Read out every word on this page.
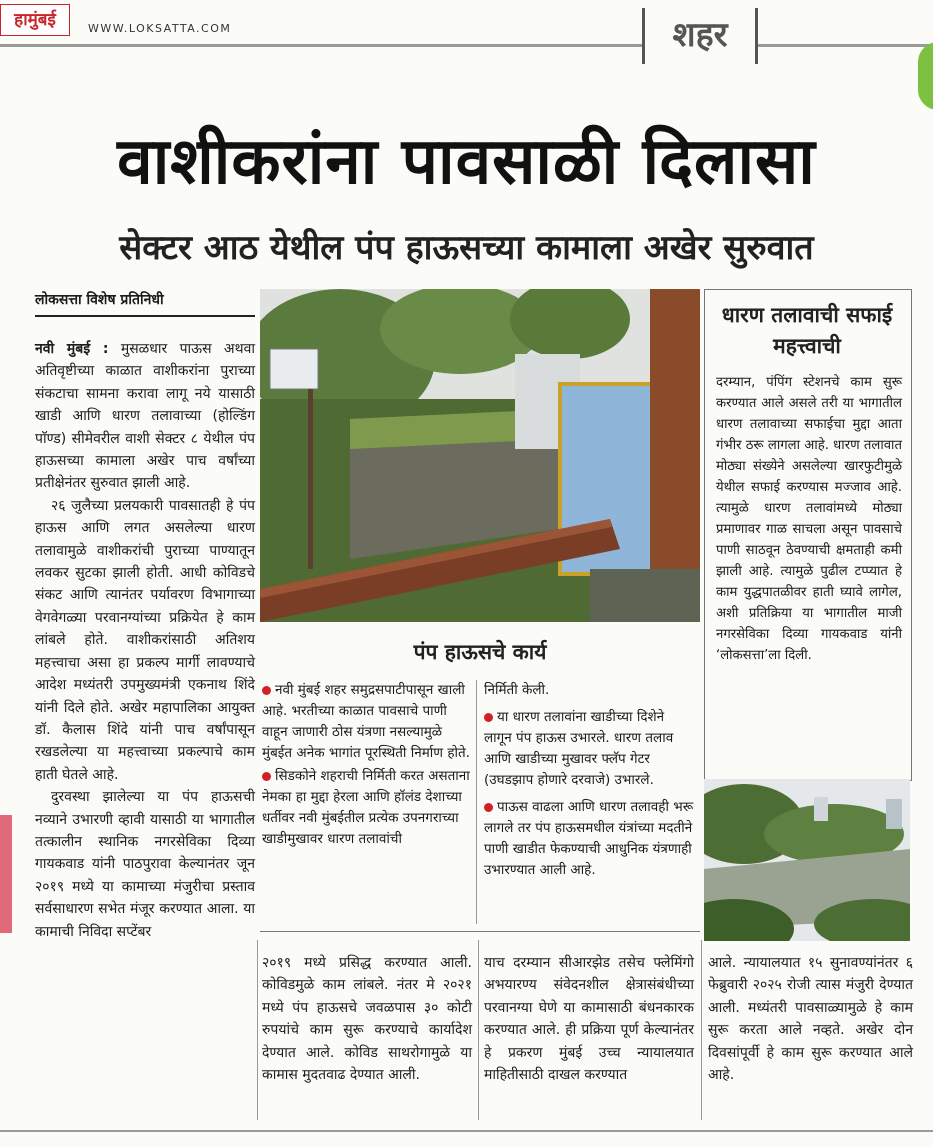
हामुंबई	WWW.LOKSATTA.COM	शहर
वाशीकरांना पावसाळी दिलासा
सेक्टर आठ येथील पंप हाऊसच्या कामाला अखेर सुरुवात
लोकसत्ता विशेष प्रतिनिधी

नवी मुंबई : मुसळधार पाऊस अथवा अतिवृष्टीच्या काळात वाशीकरांना पुराच्या संकटाचा सामना करावा लागू नये यासाठी खाडी आणि धारण तलावाच्या (होल्डिंग पाॅण्ड) सीमेवरील वाशी सेक्टर ८ येथील पंप हाऊसच्या कामाला अखेर पाच वर्षांच्या प्रतीक्षेनंतर सुरुवात झाली आहे.

२६ जुलैच्या प्रलयकारी पावसातही हे पंप हाऊस आणि लगत असलेल्या धारण तलावामुळे वाशीकरांची पुराच्या पाण्यातून लवकर सुटका झाली होती. आधी कोविडचे संकट आणि त्यानंतर पर्यावरण विभागाच्या वेगवेगळ्या परवानग्यांच्या प्रक्रियेत हे काम लांबले होते. वाशीकरांसाठी अतिशय महत्त्वाचा असा हा प्रकल्प मार्गी लावण्याचे आदेश मध्यंतरी उपमुख्यमंत्री एकनाथ शिंदे यांनी दिले होते. अखेर महापालिका आयुक्त डॉ. कैलास शिंदे यांनी पाच वर्षांपासून रखडलेल्या या महत्त्वाच्या प्रकल्पाचे काम हाती घेतले आहे.

दुरवस्था झालेल्या या पंप हाऊसची नव्याने उभारणी व्हावी यासाठी या भागातील तत्कालीन स्थानिक नगरसेविका दिव्या गायकवाड यांनी पाठपुरावा केल्यानंतर जून २०१९ मध्ये या कामाच्या मंजुरीचा प्रस्ताव सर्वसाधारण सभेत मंजूर करण्यात आला. या कामाची निविदा सप्टेंबर

धारण तलावाची सफाई महत्त्वाची
दरम्यान, पंपिंग स्टेशनचे काम सुरू करण्यात आले असले तरी या भागातील धारण तलावाच्या सफाईचा मुद्दा आता गंभीर ठरू लागला आहे. धारण तलावात मोठ्या संख्येने असलेल्या खारफुटीमुळे येथील सफाई करण्यास मज्जाव आहे. त्यामुळे धारण तलावांमध्ये मोठ्या प्रमाणावर गाळ साचला असून पावसाचे पाणी साठवून ठेवण्याची क्षमताही कमी झाली आहे. त्यामुळे पुढील टप्प्यात हे काम युद्धपातळीवर हाती घ्यावे लागेल, अशी प्रतिक्रिया या भागातील माजी नगरसेविका दिव्या गायकवाड यांनी ‘लोकसत्ता’ला दिली.
पंप हाऊसचे कार्य

नवी मुंबई शहर समुद्रसपाटीपासून खाली आहे. भरतीच्या काळात पावसाचे पाणी वाहून जाणारी ठोस यंत्रणा नसल्यामुळे मुंबईत अनेक भागांत पूरस्थिती निर्माण होते.

सिडकोने शहराची निर्मिती करत असताना नेमका हा मुद्दा हेरला आणि हॉलंड देशाच्या धर्तीवर नवी मुंबईतील प्रत्येक उपनगराच्या खाडीमुखावर धारण तलावांची

निर्मिती केली.

या धारण तलावांना खाडीच्या दिशेने लागून पंप हाऊस उभारले. धारण तलाव आणि खाडीच्या मुखावर फ्लॅप गेटर (उघडझाप होणारे दरवाजे) उभारले.

पाऊस वाढला आणि धारण तलावही भरू लागले तर पंप हाऊसमधील यंत्रांच्या मदतीने पाणी खाडीत फेकण्याची आधुनिक यंत्रणाही उभारण्यात आली आहे.

२०१९ मध्ये प्रसिद्ध करण्यात आली. कोविडमुळे काम लांबले. नंतर मे २०२१ मध्ये पंप हाऊसचे जवळपास ३० कोटी रुपयांचे काम सुरू करण्याचे कार्यादेश देण्यात आले. कोविड साथरोगामुळे या कामास मुदतवाढ देण्यात आली.

याच दरम्यान सीआरझेड तसेच फ्लेमिंगो अभयारण्य संवेदनशील क्षेत्रासंबंधीच्या परवानग्या घेणे या कामासाठी बंधनकारक करण्यात आले. ही प्रक्रिया पूर्ण केल्यानंतर हे प्रकरण मुंबई उच्च न्यायालयात माहितीसाठी दाखल करण्यात

आले. न्यायालयात १५ सुनावण्यांनंतर ६ फेब्रुवारी २०२५ रोजी त्यास मंजुरी देण्यात आली. मध्यंतरी पावसाळ्यामुळे हे काम सुरू करता आले नव्हते. अखेर दोन दिवसांपूर्वी हे काम सुरू करण्यात आले आहे.
